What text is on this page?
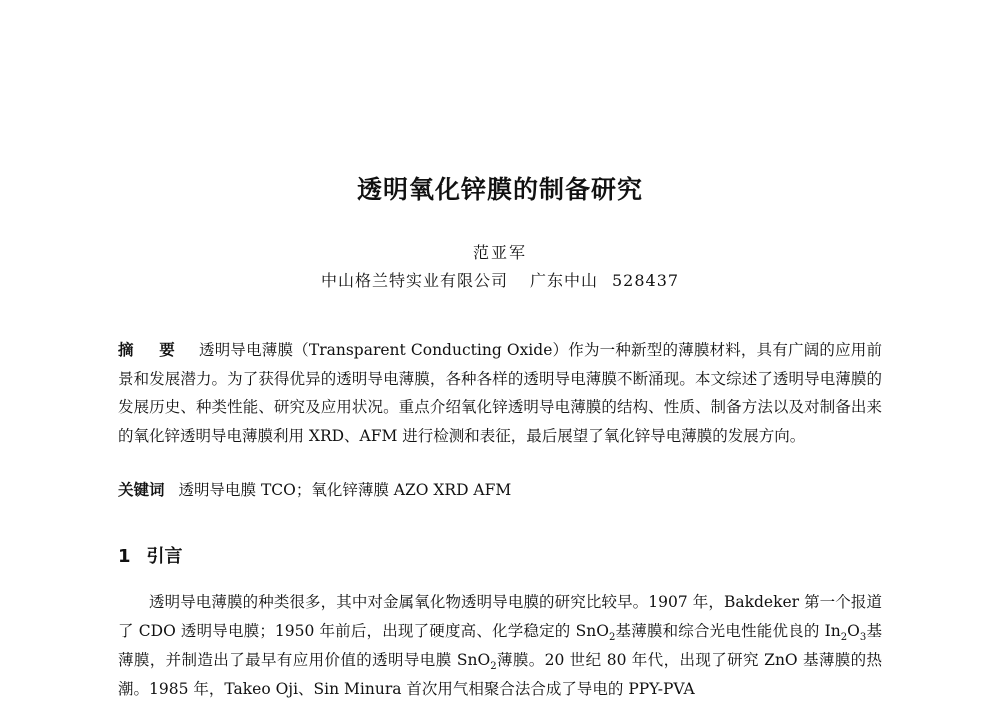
透明氧化锌膜的制备研究
范亚军
中山格兰特实业有限公司 广东中山 528437
摘 要 透明导电薄膜（Transparent Conducting Oxide）作为一种新型的薄膜材料，具有广阔的应用前景和发展潜力。为了获得优异的透明导电薄膜，各种各样的透明导电薄膜不断涌现。本文综述了透明导电薄膜的发展历史、种类性能、研究及应用状况。重点介绍氧化锌透明导电薄膜的结构、性质、制备方法以及对制备出来的氧化锌透明导电薄膜利用 XRD、AFM 进行检测和表征，最后展望了氧化锌导电薄膜的发展方向。
关键词 透明导电膜 TCO；氧化锌薄膜 AZO XRD AFM
1 引言
透明导电薄膜的种类很多，其中对金属氧化物透明导电膜的研究比较早。1907 年，Bakdeker 第一个报道了 CDO 透明导电膜；1950 年前后，出现了硬度高、化学稳定的 SnO$_2$基薄膜和综合光电性能优良的 $In_2O_3$基薄膜，并制造出了最早有应用价值的透明导电膜 SnO$_2$薄膜。20 世纪 80 年代，出现了研究 ZnO 基薄膜的热潮。1985 年，Takeo Oji、Sin Minura 首次用气相聚合法合成了导电的 PPY-PVA
